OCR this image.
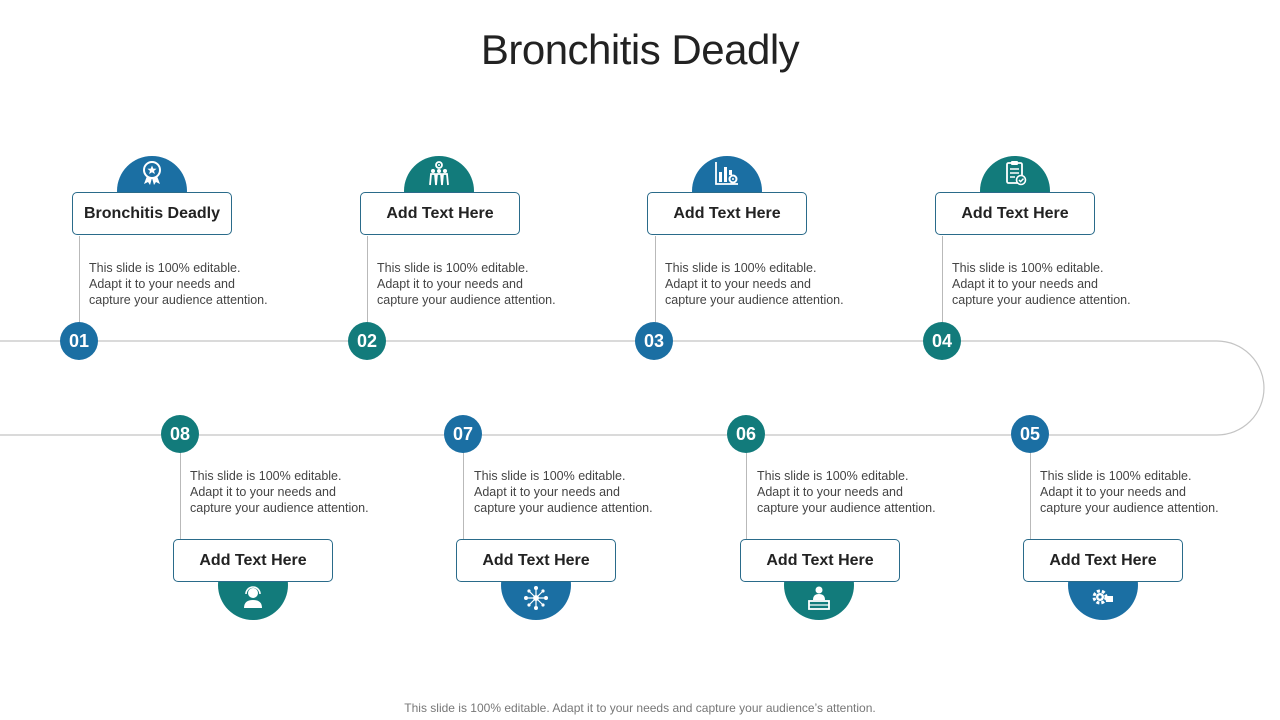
Bronchitis Deadly
Bronchitis Deadly
This slide is 100% editable.
Adapt it to your needs and
capture your audience attention.
01
Add Text Here
This slide is 100% editable.
Adapt it to your needs and
capture your audience attention.
02
Add Text Here
This slide is 100% editable.
Adapt it to your needs and
capture your audience attention.
03
Add Text Here
This slide is 100% editable.
Adapt it to your needs and
capture your audience attention.
04
08
This slide is 100% editable.
Adapt it to your needs and
capture your audience attention.
Add Text Here
07
This slide is 100% editable.
Adapt it to your needs and
capture your audience attention.
Add Text Here
06
This slide is 100% editable.
Adapt it to your needs and
capture your audience attention.
Add Text Here
05
This slide is 100% editable.
Adapt it to your needs and
capture your audience attention.
Add Text Here
This slide is 100% editable. Adapt it to your needs and capture your audience’s attention.
